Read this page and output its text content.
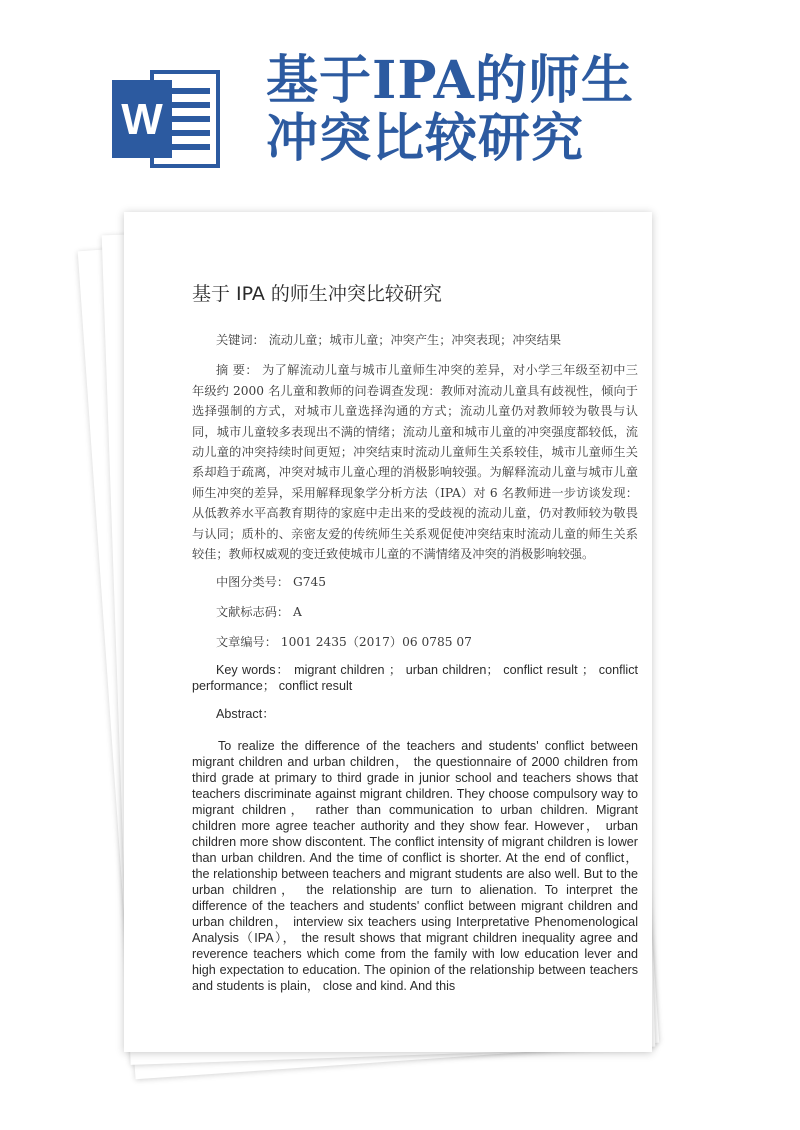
W
基于IPA的师生冲突比较研究
基于 IPA 的师生冲突比较研究

关键词： 流动儿童；城市儿童；冲突产生；冲突表现；冲突结果

摘 要： 为了解流动儿童与城市儿童师生冲突的差异，对小学三年级至初中三年级约 2000 名儿童和教师的问卷调查发现：教师对流动儿童具有歧视性，倾向于选择强制的方式，对城市儿童选择沟通的方式；流动儿童仍对教师较为敬畏与认同，城市儿童较多表现出不满的情绪；流动儿童和城市儿童的冲突强度都较低，流动儿童的冲突持续时间更短；冲突结束时流动儿童师生关系较佳，城市儿童师生关系却趋于疏离，冲突对城市儿童心理的消极影响较强。为解释流动儿童与城市儿童师生冲突的差异，采用解释现象学分析方法（IPA）对 6 名教师进一步访谈发现：从低教养水平高教育期待的家庭中走出来的受歧视的流动儿童，仍对教师较为敬畏与认同；质朴的、亲密友爱的传统师生关系观促使冲突结束时流动儿童的师生关系较佳；教师权威观的变迁致使城市儿童的不满情绪及冲突的消极影响较强。

中图分类号： G745

文献标志码： A

文章编号： 1001 2435（2017）06 0785 07

Key words： migrant children ； urban children； conflict result ； conflict performance； conflict result

Abstract：

To realize the difference of the teachers and students' conflict between migrant children and urban children， the questionnaire of 2000 children from third grade at primary to third grade in junior school and teachers shows that teachers discriminate against migrant children. They choose compulsory way to migrant children， rather than communication to urban children. Migrant children more agree teacher authority and they show fear. However， urban children more show discontent. The conflict intensity of migrant children is lower than urban children. And the time of conflict is shorter. At the end of conflict， the relationship between teachers and migrant students are also well. But to the urban children， the relationship are turn to alienation. To interpret the difference of the teachers and students' conflict between migrant children and urban children， interview six teachers using Interpretative Phenomenological Analysis（IPA）， the result shows that migrant children inequality agree and reverence teachers which come from the family with low education lever and high expectation to education. The opinion of the relationship between teachers and students is plain， close and kind. And this
